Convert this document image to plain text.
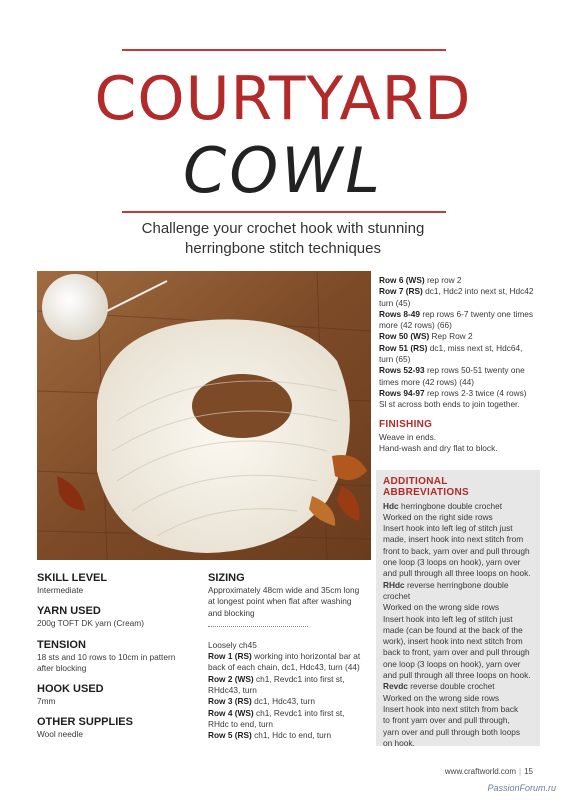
COURTYARD
COWL
Challenge your crochet hook with stunning
herringbone stitch techniques
SKILL LEVEL

Intermediate

YARN USED

200g TOFT DK yarn (Cream)

TENSION

18 sts and 10 rows to 10cm in pattern

after blocking

HOOK USED

7mm

OTHER SUPPLIES

Wool needle

SIZING

Approximately 48cm wide and 35cm long

at longest point when flat after washing

and blocking

Loosely ch45

Row 1 (RS) working into horizontal bar at

back of each chain, dc1, Hdc43, turn (44)

Row 2 (WS) ch1, Revdc1 into first st,

RHdc43, turn

Row 3 (RS) dc1, Hdc43, turn

Row 4 (WS) ch1, Revdc1 into first st,

RHdc to end, turn

Row 5 (RS) ch1, Hdc to end, turn

Row 6 (WS) rep row 2

Row 7 (RS) dc1, Hdc2 into next st, Hdc42

turn (45)

Rows 8-49 rep rows 6-7 twenty one times

more (42 rows) (66)

Row 50 (WS) Rep Row 2

Row 51 (RS) dc1, miss next st, Hdc64,

turn (65)

Rows 52-93 rep rows 50-51 twenty one

times more (42 rows) (44)

Rows 94-97 rep rows 2-3 twice (4 rows)

Sl st across both ends to join together.

FINISHING

Weave in ends.

Hand-wash and dry flat to block.

ADDITIONAL ABBREVIATIONS

Hdc herringbone double crochet

Worked on the right side rows

Insert hook into left leg of stitch just

made, insert hook into next stitch from

front to back, yarn over and pull through

one loop (3 loops on hook), yarn over

and pull through all three loops on hook.

RHdc reverse herringbone double

crochet

Worked on the wrong side rows

Insert hook into left leg of stitch just

made (can be found at the back of the

work), insert hook into next stitch from

back to front, yarn over and pull through

one loop (3 loops on hook), yarn over

and pull through all three loops on hook.

Revdc reverse double crochet

Worked on the wrong side rows

Insert hook into next stitch from back

to front yarn over and pull through,

yarn over and pull through both loops

on hook.

www.craftworld.com | 15
PassionForum.ru
